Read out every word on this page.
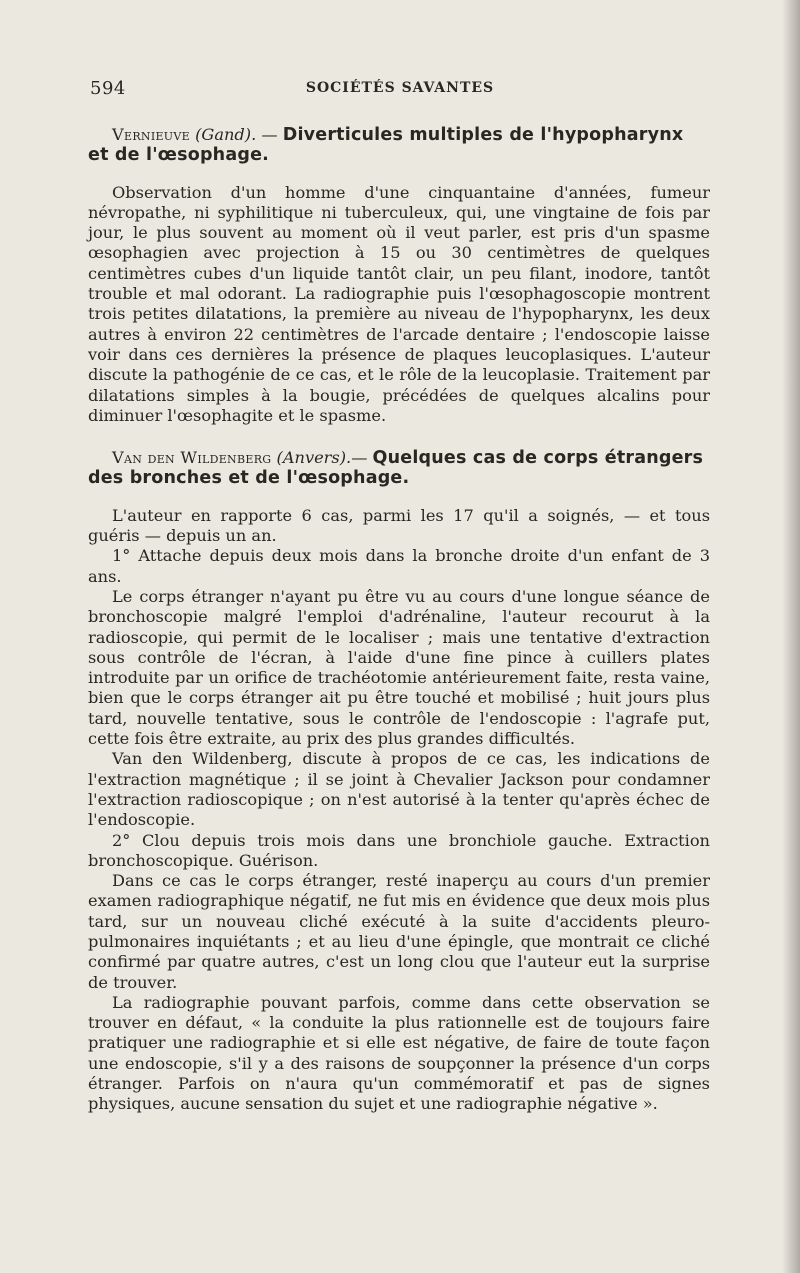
594	SOCIÉTÉS SAVANTES

Vernieuve (Gand). — Diverticules multiples de l'hypopharynx et de l'œsophage.

Observation d'un homme d'une cinquantaine d'années, fumeur névropathe, ni syphilitique ni tuberculeux, qui, une vingtaine de fois par jour, le plus souvent au moment où il veut parler, est pris d'un spasme œsophagien avec projection à 15 ou 30 centimètres de quelques centimètres cubes d'un liquide tantôt clair, un peu filant, inodore, tantôt trouble et mal odorant. La radiographie puis l'œsophagoscopie montrent trois petites dilatations, la première au niveau de l'hypopharynx, les deux autres à environ 22 centimètres de l'arcade dentaire ; l'endoscopie laisse voir dans ces dernières la présence de plaques leucoplasiques. L'auteur discute la pathogénie de ce cas, et le rôle de la leucoplasie. Traitement par dilatations simples à la bougie, précédées de quelques alcalins pour diminuer l'œsophagite et le spasme.

Van den Wildenberg (Anvers).— Quelques cas de corps étrangers des bronches et de l'œsophage.

L'auteur en rapporte 6 cas, parmi les 17 qu'il a soignés, — et tous guéris — depuis un an.

1° Attache depuis deux mois dans la bronche droite d'un enfant de 3 ans.

Le corps étranger n'ayant pu être vu au cours d'une longue séance de bronchoscopie malgré l'emploi d'adrénaline, l'auteur recourut à la radioscopie, qui permit de le localiser ; mais une tentative d'extraction sous contrôle de l'écran, à l'aide d'une fine pince à cuillers plates introduite par un orifice de trachéotomie antérieurement faite, resta vaine, bien que le corps étranger ait pu être touché et mobilisé ; huit jours plus tard, nouvelle tentative, sous le contrôle de l'endoscopie : l'agrafe put, cette fois être extraite, au prix des plus grandes difficultés.

Van den Wildenberg, discute à propos de ce cas, les indications de l'extraction magnétique ; il se joint à Chevalier Jackson pour condamner l'extraction radioscopique ; on n'est autorisé à la tenter qu'après échec de l'endoscopie.

2° Clou depuis trois mois dans une bronchiole gauche. Extraction bronchoscopique. Guérison.

Dans ce cas le corps étranger, resté inaperçu au cours d'un premier examen radiographique négatif, ne fut mis en évidence que deux mois plus tard, sur un nouveau cliché exécuté à la suite d'accidents pleuro-pulmonaires inquiétants ; et au lieu d'une épingle, que montrait ce cliché confirmé par quatre autres, c'est un long clou que l'auteur eut la surprise de trouver.

La radiographie pouvant parfois, comme dans cette observation se trouver en défaut, « la conduite la plus rationnelle est de toujours faire pratiquer une radiographie et si elle est négative, de faire de toute façon une endoscopie, s'il y a des raisons de soupçonner la présence d'un corps étranger. Parfois on n'aura qu'un commémoratif et pas de signes physiques, aucune sensation du sujet et une radiographie négative ».
